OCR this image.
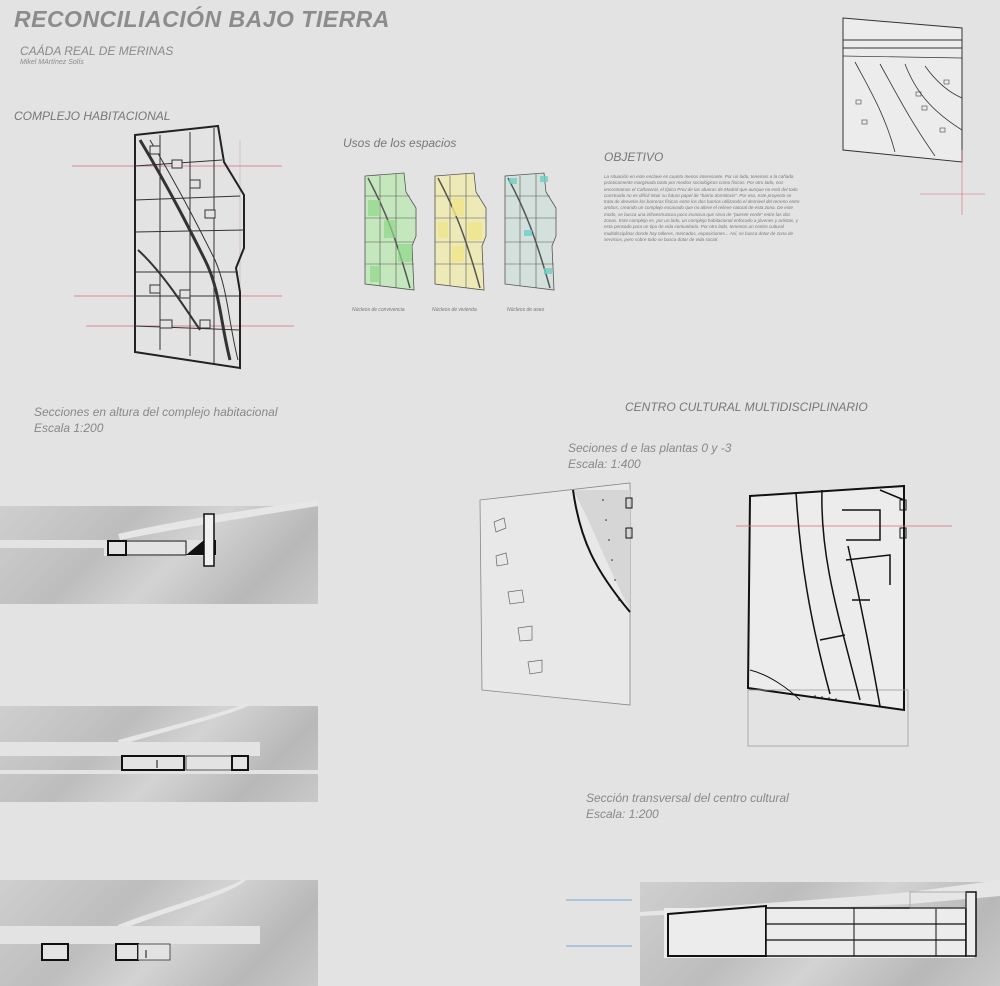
RECONCILIACIÓN BAJO TIERRA
CAÁDA REAL DE MERINAS
Mikel MArtínez Solís
COMPLEJO HABITACIONAL
Usos de los espacios
Núcleos de convivencia	Núcleos de vivienda	Núcleos de aseo
OBJETIVO
La situación en este enclave es cuanto menos interesante. Por un lado, tenemos a la cañada prácticamente marginada tanto por medios sociológicos como físicos. Por otro lado, nos encontramos el Cañaveral, el típico PAU de las afueras de Madrid que aunque no está del todo construido no es difícil intuir su futuro papel de "barrio dormitorio". Por eso, este proyecto se trata de desvelar los barreras físicas entre los dos barrios utilizando el desnivel del terreno entre ambos, creando un complejo excavado que no altere el relieve natural de esta zona. De este modo, se busca una infraestructura poco invasiva que sirva de "puente verde" entre las dos zonas. Este complejo es, por un lado, un complejo habitacional enfocado a jóvenes y artistas, y esta pensado para un tipo de vida comunitario. Por otro lado, tenemos un centro cultural multidisciplinar donde hay talleres, mercados, exposiciones... Así, se busca dotar de zona de servicios, pero sobre todo se busca dotar de vida social.
Secciones en altura del complejo habitacional
Escala 1:200
CENTRO CULTURAL MULTIDISCIPLINARIO
Seciones d e las plantas 0 y -3
Escala: 1:400
Sección transversal del centro cultural
Escala: 1:200
